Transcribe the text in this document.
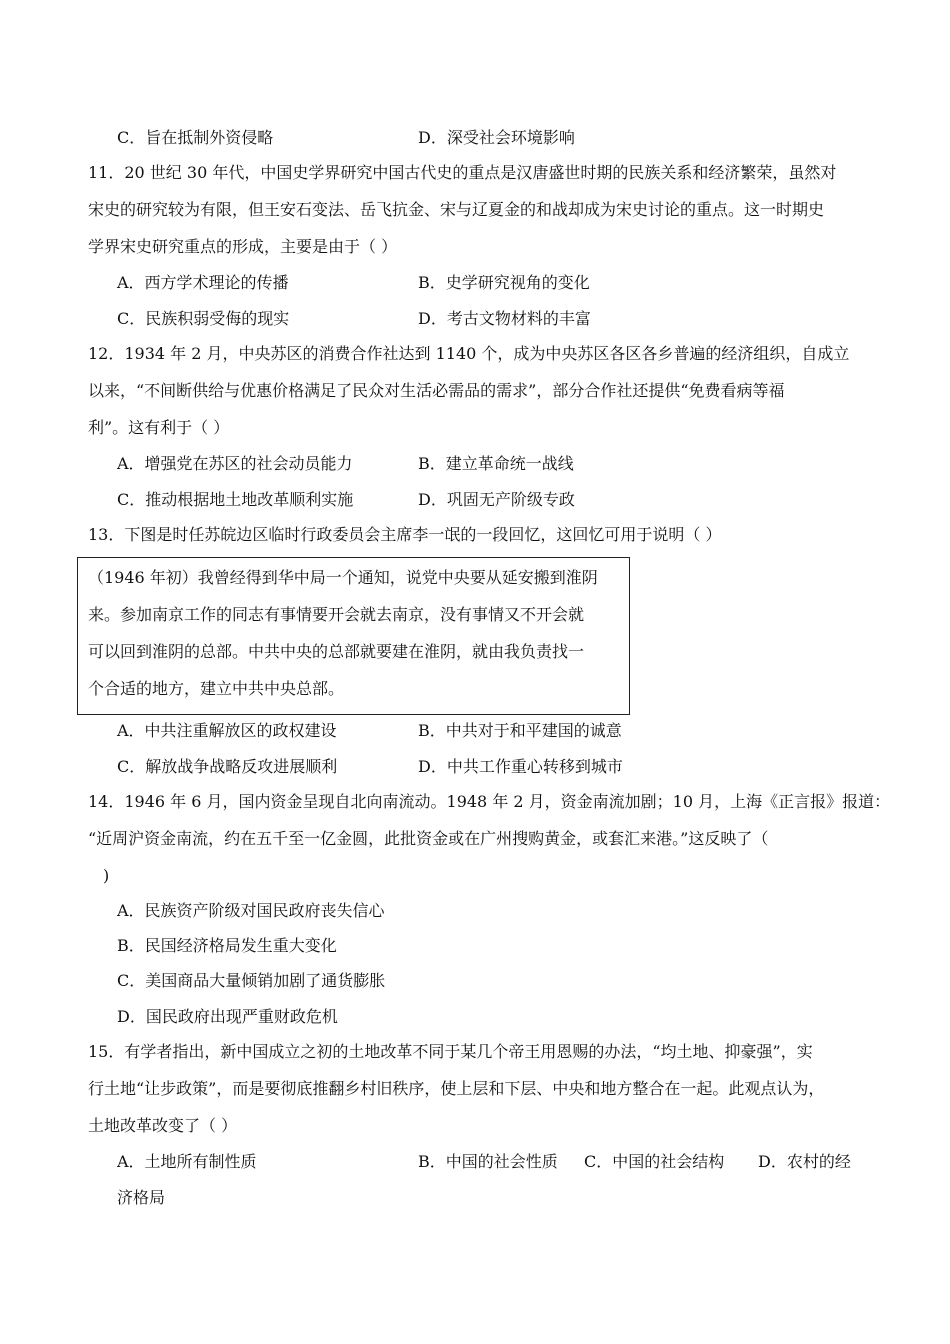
C．旨在抵制外资侵略	D．深受社会环境影响
11．20 世纪 30 年代，中国史学界研究中国古代史的重点是汉唐盛世时期的民族关系和经济繁荣，虽然对
宋史的研究较为有限，但王安石变法、岳飞抗金、宋与辽夏金的和战却成为宋史讨论的重点。这一时期史
学界宋史研究重点的形成，主要是由于（ ）
A．西方学术理论的传播	B．史学研究视角的变化
C．民族积弱受侮的现实	D．考古文物材料的丰富
12．1934 年 2 月，中央苏区的消费合作社达到 1140 个，成为中央苏区各区各乡普遍的经济组织，自成立
以来，“不间断供给与优惠价格满足了民众对生活必需品的需求”，部分合作社还提供“免费看病等福
利”。这有利于（ ）
A．增强党在苏区的社会动员能力	B．建立革命统一战线
C．推动根据地土地改革顺利实施	D．巩固无产阶级专政
13．下图是时任苏皖边区临时行政委员会主席李一氓的一段回忆，这回忆可用于说明（ ）
（1946 年初）我曾经得到华中局一个通知，说党中央要从延安搬到淮阴
来。参加南京工作的同志有事情要开会就去南京，没有事情又不开会就
可以回到淮阴的总部。中共中央的总部就要建在淮阴，就由我负责找一
个合适的地方，建立中共中央总部。
A．中共注重解放区的政权建设	B．中共对于和平建国的诚意
C．解放战争战略反攻进展顺利	D．中共工作重心转移到城市
14．1946 年 6 月，国内资金呈现自北向南流动。1948 年 2 月，资金南流加剧；10 月，上海《正言报》报道：
“近周沪资金南流，约在五千至一亿金圆，此批资金或在广州搜购黄金，或套汇来港。”这反映了（
)
A．民族资产阶级对国民政府丧失信心
B．民国经济格局发生重大变化
C．美国商品大量倾销加剧了通货膨胀
D．国民政府出现严重财政危机
15．有学者指出，新中国成立之初的土地改革不同于某几个帝王用恩赐的办法，“均土地、抑豪强”，实
行土地“让步政策”，而是要彻底推翻乡村旧秩序，使上层和下层、中央和地方整合在一起。此观点认为，
土地改革改变了（ ）
A．土地所有制性质	B．中国的社会性质 C．中国的社会结构 D．农村的经
济格局
